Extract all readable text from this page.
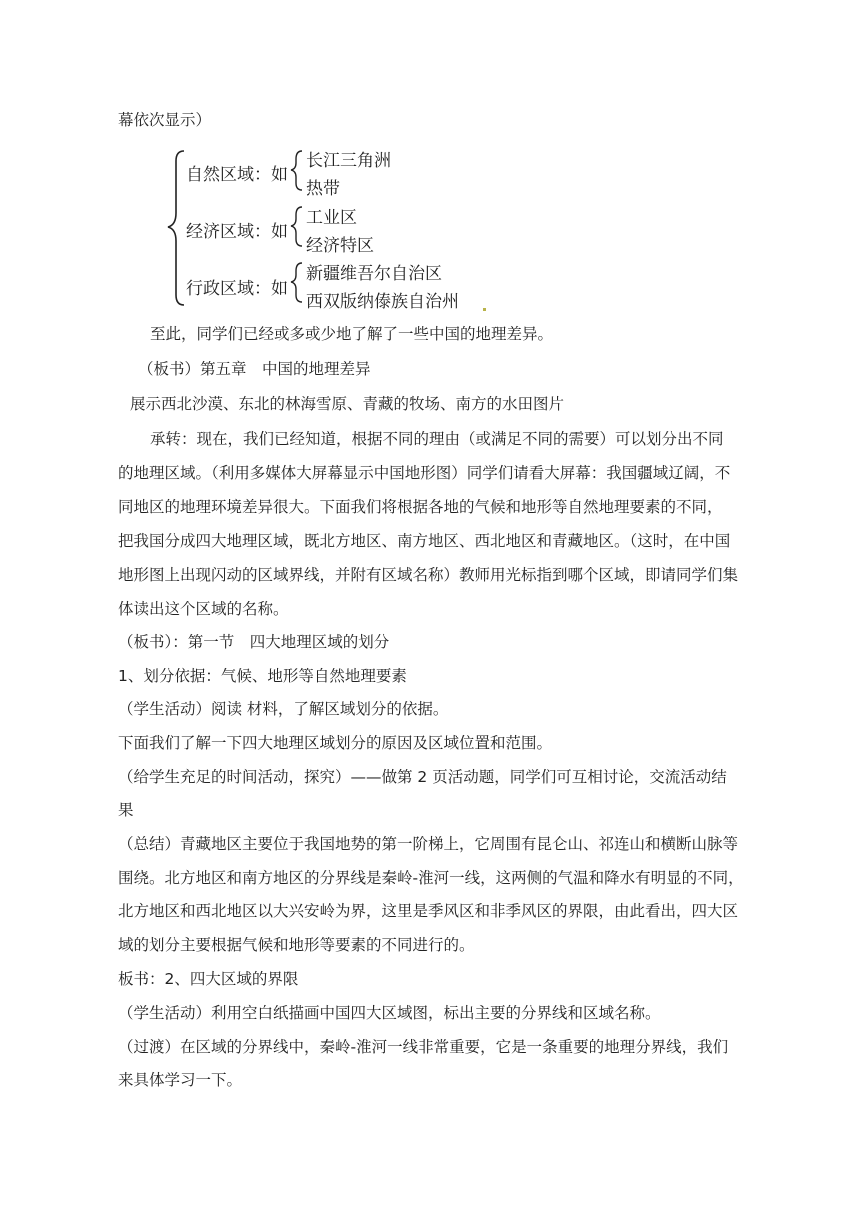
幕依次显示）
自然区域：如
长江三角洲
热带
经济区域：如
工业区
经济特区
行政区域：如
新疆维吾尔自治区
西双版纳傣族自治州
至此，同学们已经或多或少地了解了一些中国的地理差异。
（板书）第五章　中国的地理差异
展示西北沙漠、东北的林海雪原、青藏的牧场、南方的水田图片
承转：现在，我们已经知道，根据不同的理由（或满足不同的需要）可以划分出不同
的地理区域。（利用多媒体大屏幕显示中国地形图）同学们请看大屏幕：我国疆域辽阔，不
同地区的地理环境差异很大。下面我们将根据各地的气候和地形等自然地理要素的不同，
把我国分成四大地理区域，既北方地区、南方地区、西北地区和青藏地区。（这时，在中国
地形图上出现闪动的区域界线，并附有区域名称）教师用光标指到哪个区域，即请同学们集
体读出这个区域的名称。
（板书）：第一节　四大地理区域的划分
1、划分依据：气候、地形等自然地理要素
（学生活动）阅读 材料，了解区域划分的依据。
下面我们了解一下四大地理区域划分的原因及区域位置和范围。
（给学生充足的时间活动，探究）——做第 2 页活动题，同学们可互相讨论，交流活动结
果
（总结）青藏地区主要位于我国地势的第一阶梯上，它周围有昆仑山、祁连山和横断山脉等
围绕。北方地区和南方地区的分界线是秦岭-淮河一线，这两侧的气温和降水有明显的不同，
北方地区和西北地区以大兴安岭为界，这里是季风区和非季风区的界限，由此看出，四大区
域的划分主要根据气候和地形等要素的不同进行的。
板书：2、四大区域的界限
（学生活动）利用空白纸描画中国四大区域图，标出主要的分界线和区域名称。
（过渡）在区域的分界线中，秦岭-淮河一线非常重要，它是一条重要的地理分界线，我们
来具体学习一下。
